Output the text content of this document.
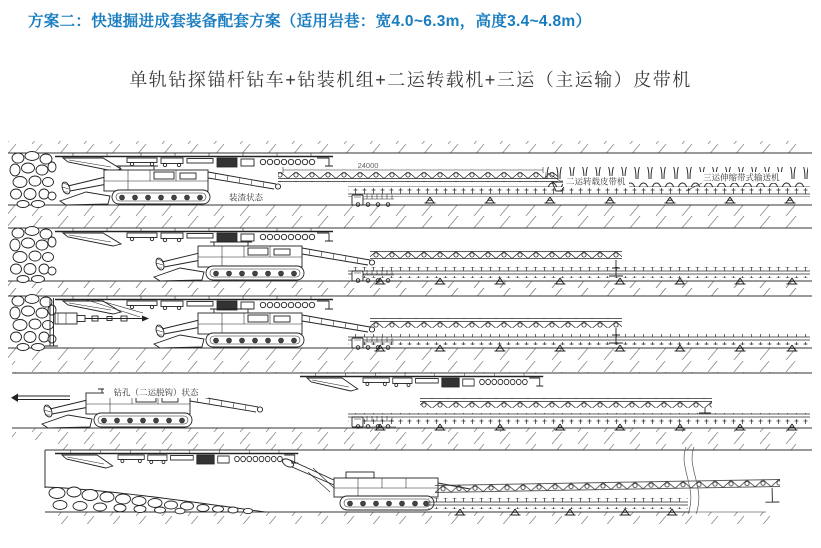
方案二：快速掘进成套装备配套方案（适用岩巷：宽4.0~6.3m，高度3.4~4.8m）
单轨钻探锚杆钻车+钻装机组+二运转载机+三运（主运输）皮带机
24000
装渣状态
二运转载皮带机	三运伸缩带式输送机
钻孔（二运脱钩）状态
